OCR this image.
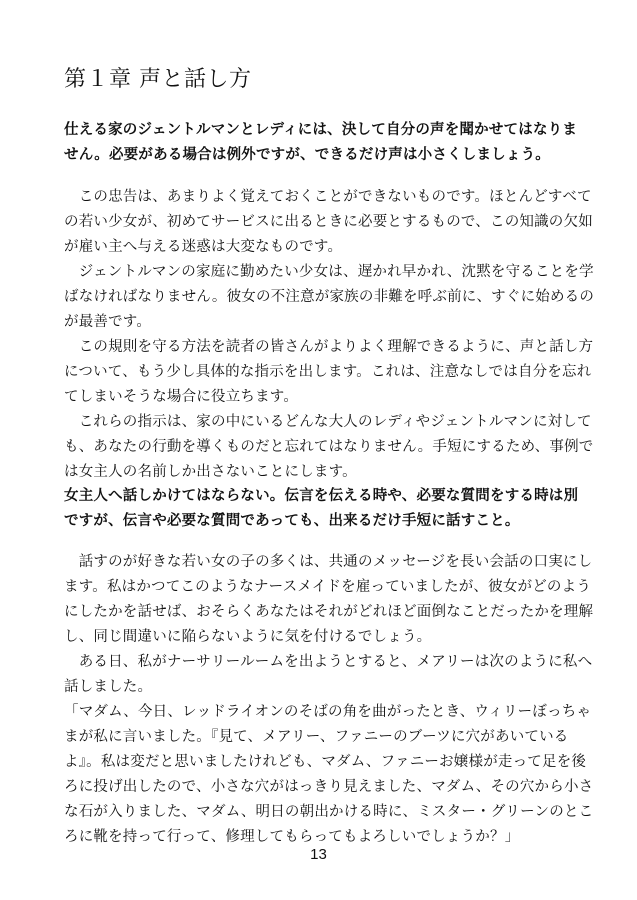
第１章 声と話し方
仕える家のジェントルマンとレディには、決して自分の声を聞かせてはなりま
せん。必要がある場合は例外ですが、できるだけ声は小さくしましょう。
　この忠告は、あまりよく覚えておくことができないものです。ほとんどすべて
の若い少女が、初めてサービスに出るときに必要とするもので、この知識の欠如
が雇い主へ与える迷惑は大変なものです。
　ジェントルマンの家庭に勤めたい少女は、遅かれ早かれ、沈黙を守ることを学
ばなければなりません。彼女の不注意が家族の非難を呼ぶ前に、すぐに始めるの
が最善です。
　この規則を守る方法を読者の皆さんがよりよく理解できるように、声と話し方
について、もう少し具体的な指示を出します。これは、注意なしでは自分を忘れ
てしまいそうな場合に役立ちます。
　これらの指示は、家の中にいるどんな大人のレディやジェントルマンに対して
も、あなたの行動を導くものだと忘れてはなりません。手短にするため、事例で
は女主人の名前しか出さないことにします。
女主人へ話しかけてはならない。伝言を伝える時や、必要な質問をする時は別
ですが、伝言や必要な質問であっても、出来るだけ手短に話すこと。
　話すのが好きな若い女の子の多くは、共通のメッセージを長い会話の口実にし
ます。私はかつてこのようなナースメイドを雇っていましたが、彼女がどのよう
にしたかを話せば、おそらくあなたはそれがどれほど面倒なことだったかを理解
し、同じ間違いに陥らないように気を付けるでしょう。
　ある日、私がナーサリールームを出ようとすると、メアリーは次のように私へ
話しました。
「マダム、今日、レッドライオンのそばの角を曲がったとき、ウィリーぼっちゃ
まが私に言いました。『見て、メアリー、ファニーのブーツに穴があいている
よ』。私は変だと思いましたけれども、マダム、ファニーお嬢様が走って足を後
ろに投げ出したので、小さな穴がはっきり見えました、マダム、その穴から小さ
な石が入りました、マダム、明日の朝出かける時に、ミスター・グリーンのとこ
ろに靴を持って行って、修理してもらってもよろしいでしょうか？」
13
